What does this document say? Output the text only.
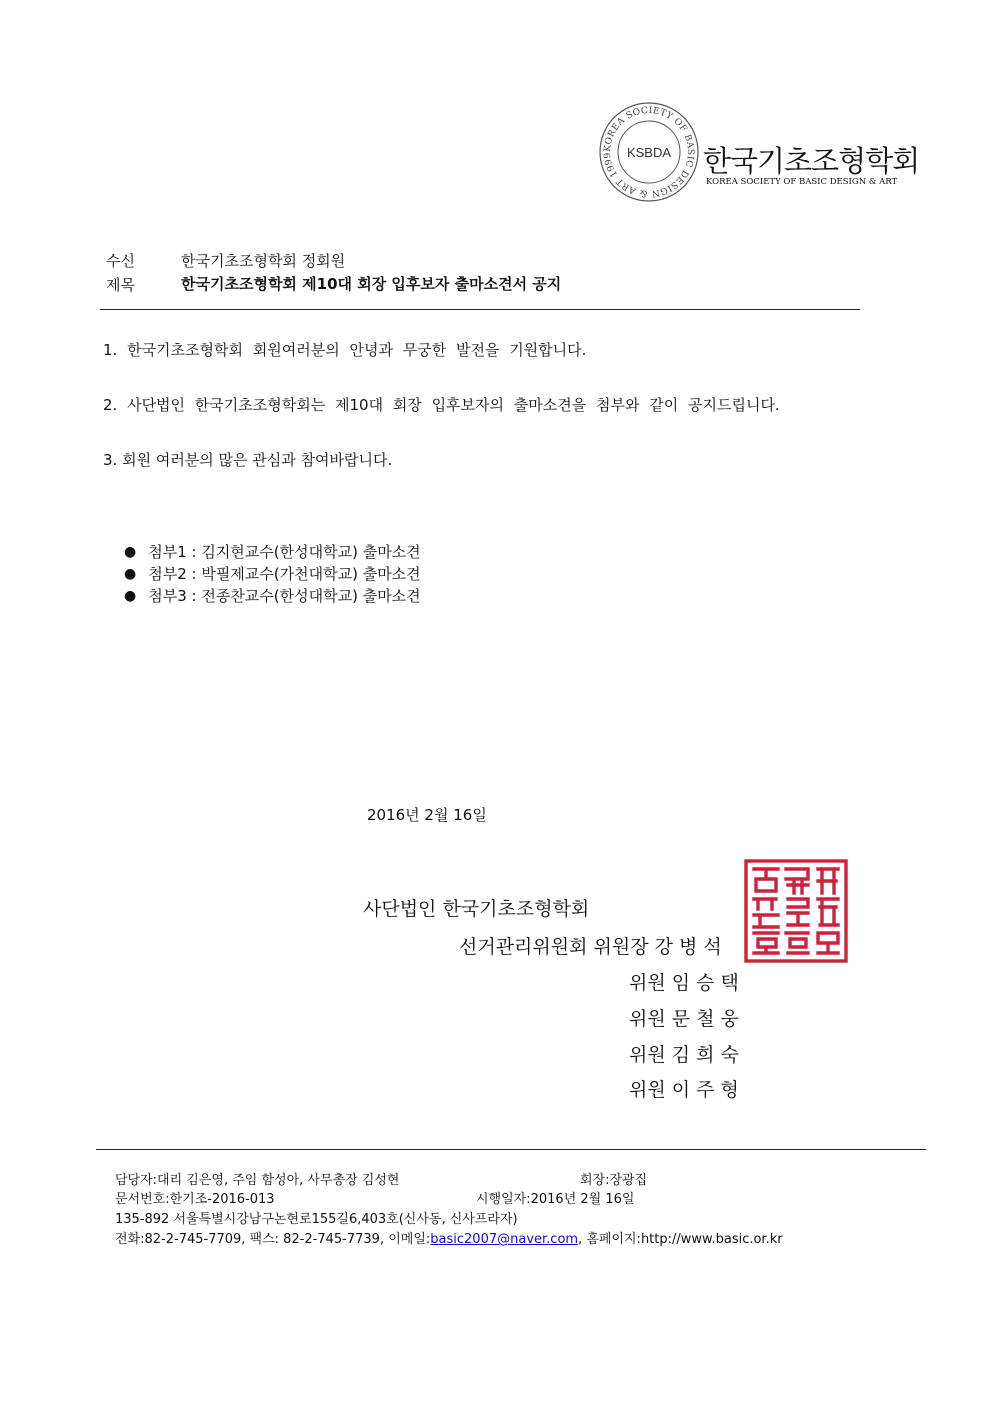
KOREA SOCIETY OF BASIC DESIGN & ART 1999	KSBDA 한국기초조형학회
KOREA SOCIETY OF BASIC DESIGN & ART
수신	한국기초조형학회 정회원
제목	한국기초조형학회 제10대 회장 입후보자 출마소견서 공지
1. 한국기초조형학회 회원여러분의 안녕과 무궁한 발전을 기원합니다.
2. 사단법인 한국기초조형학회는 제10대 회장 입후보자의 출마소견을 첨부와 같이 공지드립니다.
3. 회원 여러분의 많은 관심과 참여바랍니다.
● 첨부1 : 김지현교수(한성대학교) 출마소견
● 첨부2 : 박필제교수(가천대학교) 출마소견
● 첨부3 : 전종찬교수(한성대학교) 출마소견
2016년 2월 16일
사단법인 한국기초조형학회
선거관리위원회 위원장 강 병 석
위원 임 승 택
위원 문 철 웅
위원 김 희 숙
위원 이 주 형
담당자:대리 김은영, 주임 함성아, 사무총장 김성현	회장:장광집
문서번호:한기조-2016-013	시행일자:2016년 2월 16일
135-892 서울특별시강남구논현로155길6,403호(신사동, 신사프라자)
전화:82-2-745-7709, 팩스: 82-2-745-7739, 이메일:basic2007@naver.com, 홈페이지:http://www.basic.or.kr
